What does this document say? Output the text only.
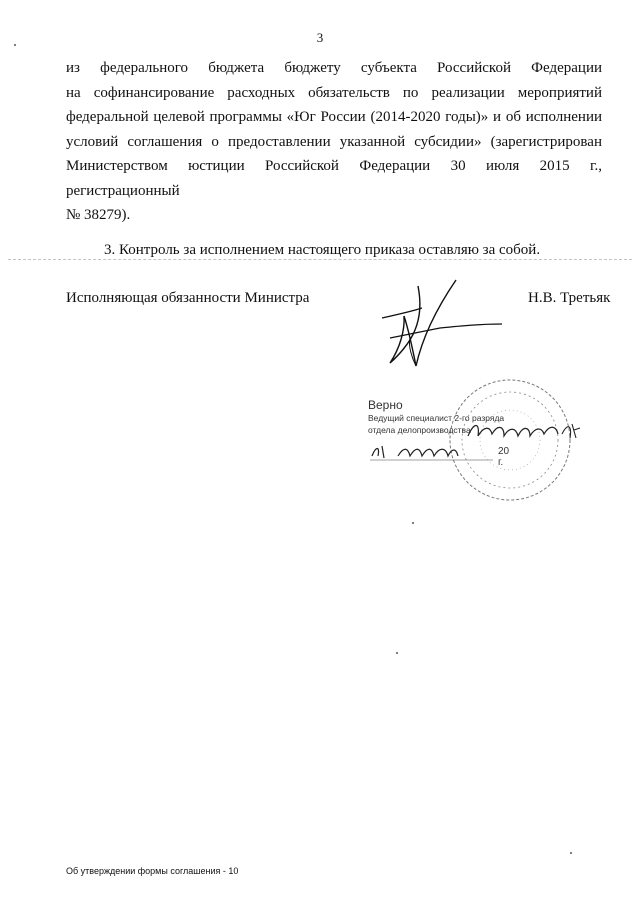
3

из федерального бюджета бюджету субъекта Российской Федерации

на софинансирование расходных обязательств по реализации мероприятий

федеральной целевой программы «Юг России (2014-2020 годы)» и об исполнении

условий соглашения о предоставлении указанной субсидии» (зарегистрирован

Министерством юстиции Российской Федерации 30 июля 2015 г., регистрационный

№ 38279).

3. Контроль за исполнением настоящего приказа оставляю за собой.

Исполняющая обязанности Министра	Н.В. Третьяк
Верно
Ведущий специалист 2-го разряда
отдела делопроизводства
20 г.
Об утверждении формы соглашения - 10
